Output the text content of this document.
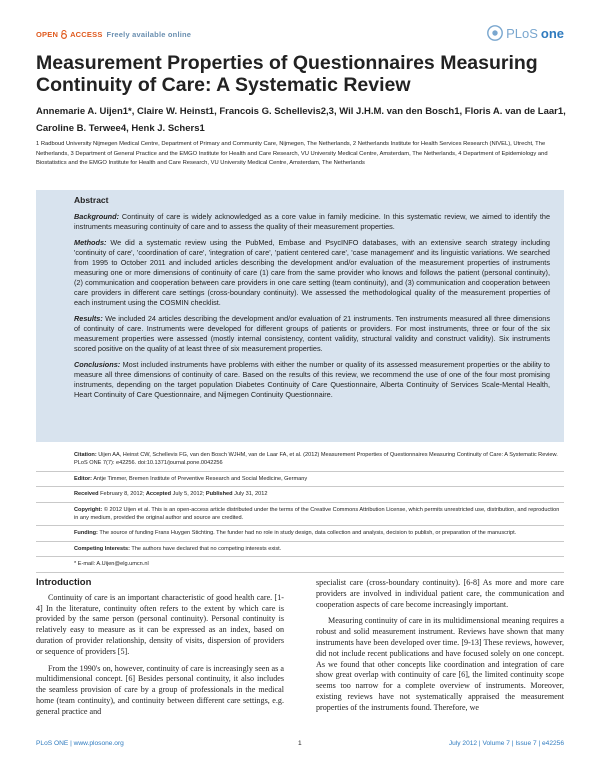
OPEN ACCESS Freely available online	PLoS one
Measurement Properties of Questionnaires Measuring Continuity of Care: A Systematic Review
Annemarie A. Uijen1*, Claire W. Heinst1, Francois G. Schellevis2,3, Wil J.H.M. van den Bosch1, Floris A. van de Laar1, Caroline B. Terwee4, Henk J. Schers1
1 Radboud University Nijmegen Medical Centre, Department of Primary and Community Care, Nijmegen, The Netherlands, 2 Netherlands Institute for Health Services Research (NIVEL), Utrecht, The Netherlands, 3 Department of General Practice and the EMGO Institute for Health and Care Research, VU University Medical Centre, Amsterdam, The Netherlands, 4 Department of Epidemiology and Biostatistics and the EMGO Institute for Health and Care Research, VU University Medical Centre, Amsterdam, The Netherlands
Abstract

Background: Continuity of care is widely acknowledged as a core value in family medicine. In this systematic review, we aimed to identify the instruments measuring continuity of care and to assess the quality of their measurement properties.

Methods: We did a systematic review using the PubMed, Embase and PsycINFO databases, with an extensive search strategy including 'continuity of care', 'coordination of care', 'integration of care', 'patient centered care', 'case management' and its linguistic variations. We searched from 1995 to October 2011 and included articles describing the development and/or evaluation of the measurement properties of instruments measuring one or more dimensions of continuity of care (1) care from the same provider who knows and follows the patient (personal continuity), (2) communication and cooperation between care providers in one care setting (team continuity), and (3) communication and cooperation between care providers in different care settings (cross-boundary continuity). We assessed the methodological quality of the measurement properties of each instrument using the COSMIN checklist.

Results: We included 24 articles describing the development and/or evaluation of 21 instruments. Ten instruments measured all three dimensions of continuity of care. Instruments were developed for different groups of patients or providers. For most instruments, three or four of the six measurement properties were assessed (mostly internal consistency, content validity, structural validity and construct validity). Six instruments scored positive on the quality of at least three of six measurement properties.

Conclusions: Most included instruments have problems with either the number or quality of its assessed measurement properties or the ability to measure all three dimensions of continuity of care. Based on the results of this review, we recommend the use of one of the four most promising instruments, depending on the target population Diabetes Continuity of Care Questionnaire, Alberta Continuity of Services Scale-Mental Health, Heart Continuity of Care Questionnaire, and Nijmegen Continuity Questionnaire.

Citation: Uijen AA, Heinst CW, Schellevis FG, van den Bosch WJHM, van de Laar FA, et al. (2012) Measurement Properties of Questionnaires Measuring Continuity of Care: A Systematic Review. PLoS ONE 7(7): e42256. doi:10.1371/journal.pone.0042256

Editor: Antje Timmer, Bremen Institute of Preventive Research and Social Medicine, Germany

Received February 8, 2012; Accepted July 5, 2012; Published July 31, 2012

Copyright: © 2012 Uijen et al. This is an open-access article distributed under the terms of the Creative Commons Attribution License, which permits unrestricted use, distribution, and reproduction in any medium, provided the original author and source are credited.

Funding: The source of funding Frans Huygen Stichting. The funder had no role in study design, data collection and analysis, decision to publish, or preparation of the manuscript.

Competing Interests: The authors have declared that no competing interests exist.

* E-mail: A.Uijen@elg.umcn.nl

Introduction

Continuity of care is an important characteristic of good health care. [1-4] In the literature, continuity often refers to the extent by which care is provided by the same person (personal continuity). Personal continuity is relatively easy to measure as it can be expressed as an index, based on duration of provider relationship, density of visits, dispersion of providers or sequence of providers [5].

From the 1990's on, however, continuity of care is increasingly seen as a multidimensional concept. [6] Besides personal continuity, it also includes the seamless provision of care by a group of professionals in the medical home (team continuity), and continuity between different care settings, e.g. general practice and

specialist care (cross-boundary continuity). [6-8] As more and more care providers are involved in individual patient care, the communication and cooperation aspects of care become increasingly important.

Measuring continuity of care in its multidimensional meaning requires a robust and solid measurement instrument. Reviews have shown that many instruments have been developed over time. [9-13] These reviews, however, did not include recent publications and have focused solely on one concept. As we found that other concepts like coordination and integration of care show great overlap with continuity of care [6], the limited continuity scope seems too narrow for a complete overview of instruments. Moreover, existing reviews have not systematically appraised the measurement properties of the instruments found. Therefore, we

PLoS ONE | www.plosone.org	1	July 2012 | Volume 7 | Issue 7 | e42256
